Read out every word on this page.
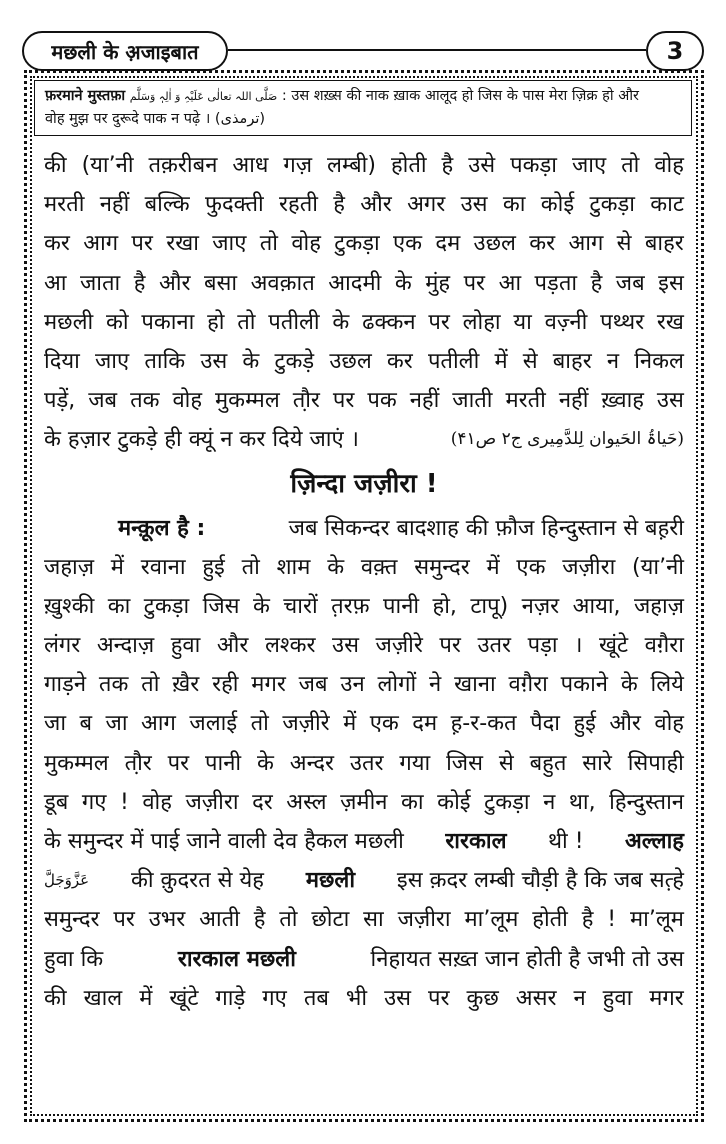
मछली के अ़जाइबात	3
फ़रमाने मुस्तफ़ा صَلَّی اللہ تعالٰی عَلَیْہِ وَ اٰلِہٖ وَسَلَّم : उस शख़्स की नाक ख़ाक आलूद हो जिस के पास मेरा ज़िक्र हो और
वोह मुझ पर दुरूदे पाक न पढ़े । (ترمذی)
की (या’नी तक़रीबन आध गज़ लम्बी) होती है उसे पकड़ा जाए तो वोह
मरती नहीं बल्कि फुदक्ती रहती है और अगर उस का कोई टुकड़ा काट
कर आग पर रखा जाए तो वोह टुकड़ा एक दम उछल कर आग से बाहर
आ जाता है और बसा अवक़ात आदमी के मुंह पर आ पड़ता है जब इस
मछली को पकाना हो तो पतीली के ढक्कन पर लोहा या वज़्नी पथ्थर रख
दिया जाए ताकि उस के टुकड़े उछल कर पतीली में से बाहर न निकल
पड़ें, जब तक वोह मुकम्मल तौ़र पर पक नहीं जाती मरती नहीं ख़्वाह उस
के हज़ार टुकड़े ही क्यूं न कर दिये जाएं ।	(حَیاۃُ الحَیوان لِلدَّمِیری ج۲ ص۴۱)
ज़िन्दा जज़ीरा !
मन्क़ूल है :	जब सिकन्दर बादशाह की फ़ौज हिन्दुस्तान से बह़री
जहाज़ में रवाना हुई तो शाम के वक़्त समुन्दर में एक जज़ीरा (या’नी
ख़ुश्की का टुकड़ा जिस के चारों त़रफ़ पानी हो, टापू) नज़र आया, जहाज़
लंगर अन्दाज़ हुवा और लश्कर उस जज़ीरे पर उतर पड़ा । खूंटे वग़ैरा
गाड़ने तक तो ख़ैर रही मगर जब उन लोगों ने खाना वग़ैरा पकाने के लिये
जा ब जा आग जलाई तो जज़ीरे में एक दम ह़-र-कत पैदा हुई और वोह
मुकम्मल तौ़र पर पानी के अन्दर उतर गया जिस से बहुत सारे सिपाही
डूब गए ! वोह जज़ीरा दर अस्ल ज़मीन का कोई टुकड़ा न था, हिन्दुस्तान
के समुन्दर में पाई जाने वाली देव हैकल मछली रारकाल थी ! अल्लाह
عَزَّوَجَلَّ की क़ुदरत से येह मछली इस क़दर लम्बी चौड़ी है कि जब सत़्हे
समुन्दर पर उभर आती है तो छोटा सा जज़ीरा मा’लूम होती है ! मा’लूम
हुवा कि	रारकाल मछली	निहायत सख़्त जान होती है जभी तो उस
की खाल में खूंटे गाड़े गए तब भी उस पर कुछ असर न हुवा मगर
